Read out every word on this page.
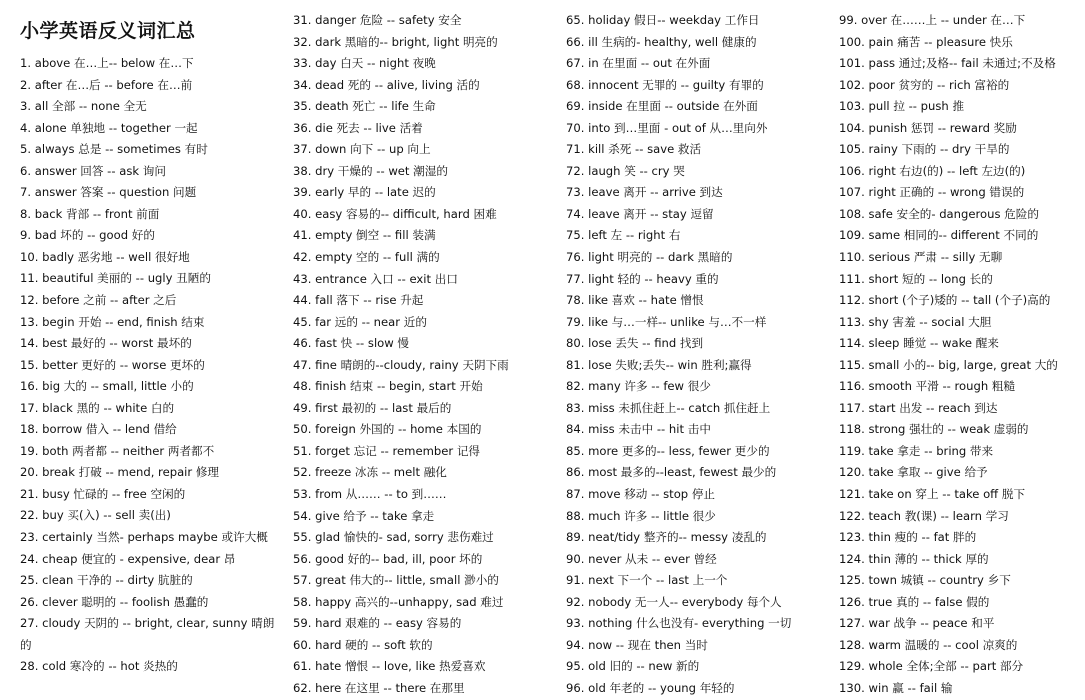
小学英语反义词汇总
1. above 在…上-- below 在…下
2. after 在…后 -- before 在…前
3. all 全部 -- none 全无
4. alone 单独地 -- together 一起
5. always 总是 -- sometimes 有时
6. answer 回答 -- ask 询问
7. answer 答案 -- question 问题
8. back 背部 -- front 前面
9. bad 坏的 -- good 好的
10. badly 恶劣地 -- well 很好地
11. beautiful 美丽的 -- ugly 丑陋的
12. before 之前 -- after 之后
13. begin 开始 -- end, finish 结束
14. best 最好的 -- worst 最坏的
15. better 更好的 -- worse 更坏的
16. big 大的 -- small, little 小的
17. black 黑的 -- white 白的
18. borrow 借入 -- lend 借给
19. both 两者都 -- neither 两者都不
20. break 打破 -- mend, repair 修理
21. busy 忙碌的 -- free 空闲的
22. buy 买(入) -- sell 卖(出)
23. certainly 当然- perhaps maybe 或许大概
24. cheap 便宜的 - expensive, dear 昂
25. clean 干净的 -- dirty 肮脏的
26. clever 聪明的 -- foolish 愚蠢的
27. cloudy 天阴的 -- bright, clear, sunny 晴朗的
28. cold 寒冷的 -- hot 炎热的
31. danger 危险 -- safety 安全
32. dark 黑暗的-- bright, light 明亮的
33. day 白天 -- night 夜晚
34. dead 死的 -- alive, living 活的
35. death 死亡 -- life 生命
36. die 死去 -- live 活着
37. down 向下 -- up 向上
38. dry 干燥的 -- wet 潮湿的
39. early 早的 -- late 迟的
40. easy 容易的-- difficult, hard 困难
41. empty 倒空 -- fill 装满
42. empty 空的 -- full 满的
43. entrance 入口 -- exit 出口
44. fall 落下 -- rise 升起
45. far 远的 -- near 近的
46. fast 快 -- slow 慢
47. fine 晴朗的--cloudy, rainy 天阴下雨
48. finish 结束 -- begin, start 开始
49. first 最初的 -- last 最后的
50. foreign 外国的 -- home 本国的
51. forget 忘记 -- remember 记得
52. freeze 冰冻 -- melt 融化
53. from 从…… -- to 到……
54. give 给予 -- take 拿走
55. glad 愉快的- sad, sorry 悲伤难过
56. good 好的-- bad, ill, poor 坏的
57. great 伟大的-- little, small 渺小的
58. happy 高兴的--unhappy, sad 难过
59. hard 艰难的 -- easy 容易的
60. hard 硬的 -- soft 软的
61. hate 憎恨 -- love, like 热爱喜欢
62. here 在这里 -- there 在那里
65. holiday 假日-- weekday 工作日
66. ill 生病的- healthy, well 健康的
67. in 在里面 -- out 在外面
68. innocent 无罪的 -- guilty 有罪的
69. inside 在里面 -- outside 在外面
70. into 到…里面 - out of 从…里向外
71. kill 杀死 -- save 救活
72. laugh 笑 -- cry 哭
73. leave 离开 -- arrive 到达
74. leave 离开 -- stay 逗留
75. left 左 -- right 右
76. light 明亮的 -- dark 黑暗的
77. light 轻的 -- heavy 重的
78. like 喜欢 -- hate 憎恨
79. like 与…一样-- unlike 与…不一样
80. lose 丢失 -- find 找到
81. lose 失败;丢失-- win 胜利;赢得
82. many 许多 -- few 很少
83. miss 未抓住赶上-- catch 抓住赶上
84. miss 未击中 -- hit 击中
85. more 更多的-- less, fewer 更少的
86. most 最多的--least, fewest 最少的
87. move 移动 -- stop 停止
88. much 许多 -- little 很少
89. neat/tidy 整齐的-- messy 凌乱的
90. never 从未 -- ever 曾经
91. next 下一个 -- last 上一个
92. nobody 无一人-- everybody 每个人
93. nothing 什么也没有- everything 一切
94. now -- 现在 then 当时
95. old 旧的 -- new 新的
96. old 年老的 -- young 年轻的
99. over 在……上 -- under 在…下
100. pain 痛苦 -- pleasure 快乐
101. pass 通过;及格-- fail 未通过;不及格
102. poor 贫穷的 -- rich 富裕的
103. pull 拉 -- push 推
104. punish 惩罚 -- reward 奖励
105. rainy 下雨的 -- dry 干旱的
106. right 右边(的) -- left 左边(的)
107. right 正确的 -- wrong 错误的
108. safe 安全的- dangerous 危险的
109. same 相同的-- different 不同的
110. serious 严肃 -- silly 无聊
111. short 短的 -- long 长的
112. short (个子)矮的 -- tall (个子)高的
113. shy 害羞 -- social 大胆
114. sleep 睡觉 -- wake 醒来
115. small 小的-- big, large, great 大的
116. smooth 平滑 -- rough 粗糙
117. start 出发 -- reach 到达
118. strong 强壮的 -- weak 虚弱的
119. take 拿走 -- bring 带来
120. take 拿取 -- give 给予
121. take on 穿上 -- take off 脱下
122. teach 教(课) -- learn 学习
123. thin 瘦的 -- fat 胖的
124. thin 薄的 -- thick 厚的
125. town 城镇 -- country 乡下
126. true 真的 -- false 假的
127. war 战争 -- peace 和平
128. warm 温暖的 -- cool 凉爽的
129. whole 全体;全部 -- part 部分
130. win 赢 -- fail 输
